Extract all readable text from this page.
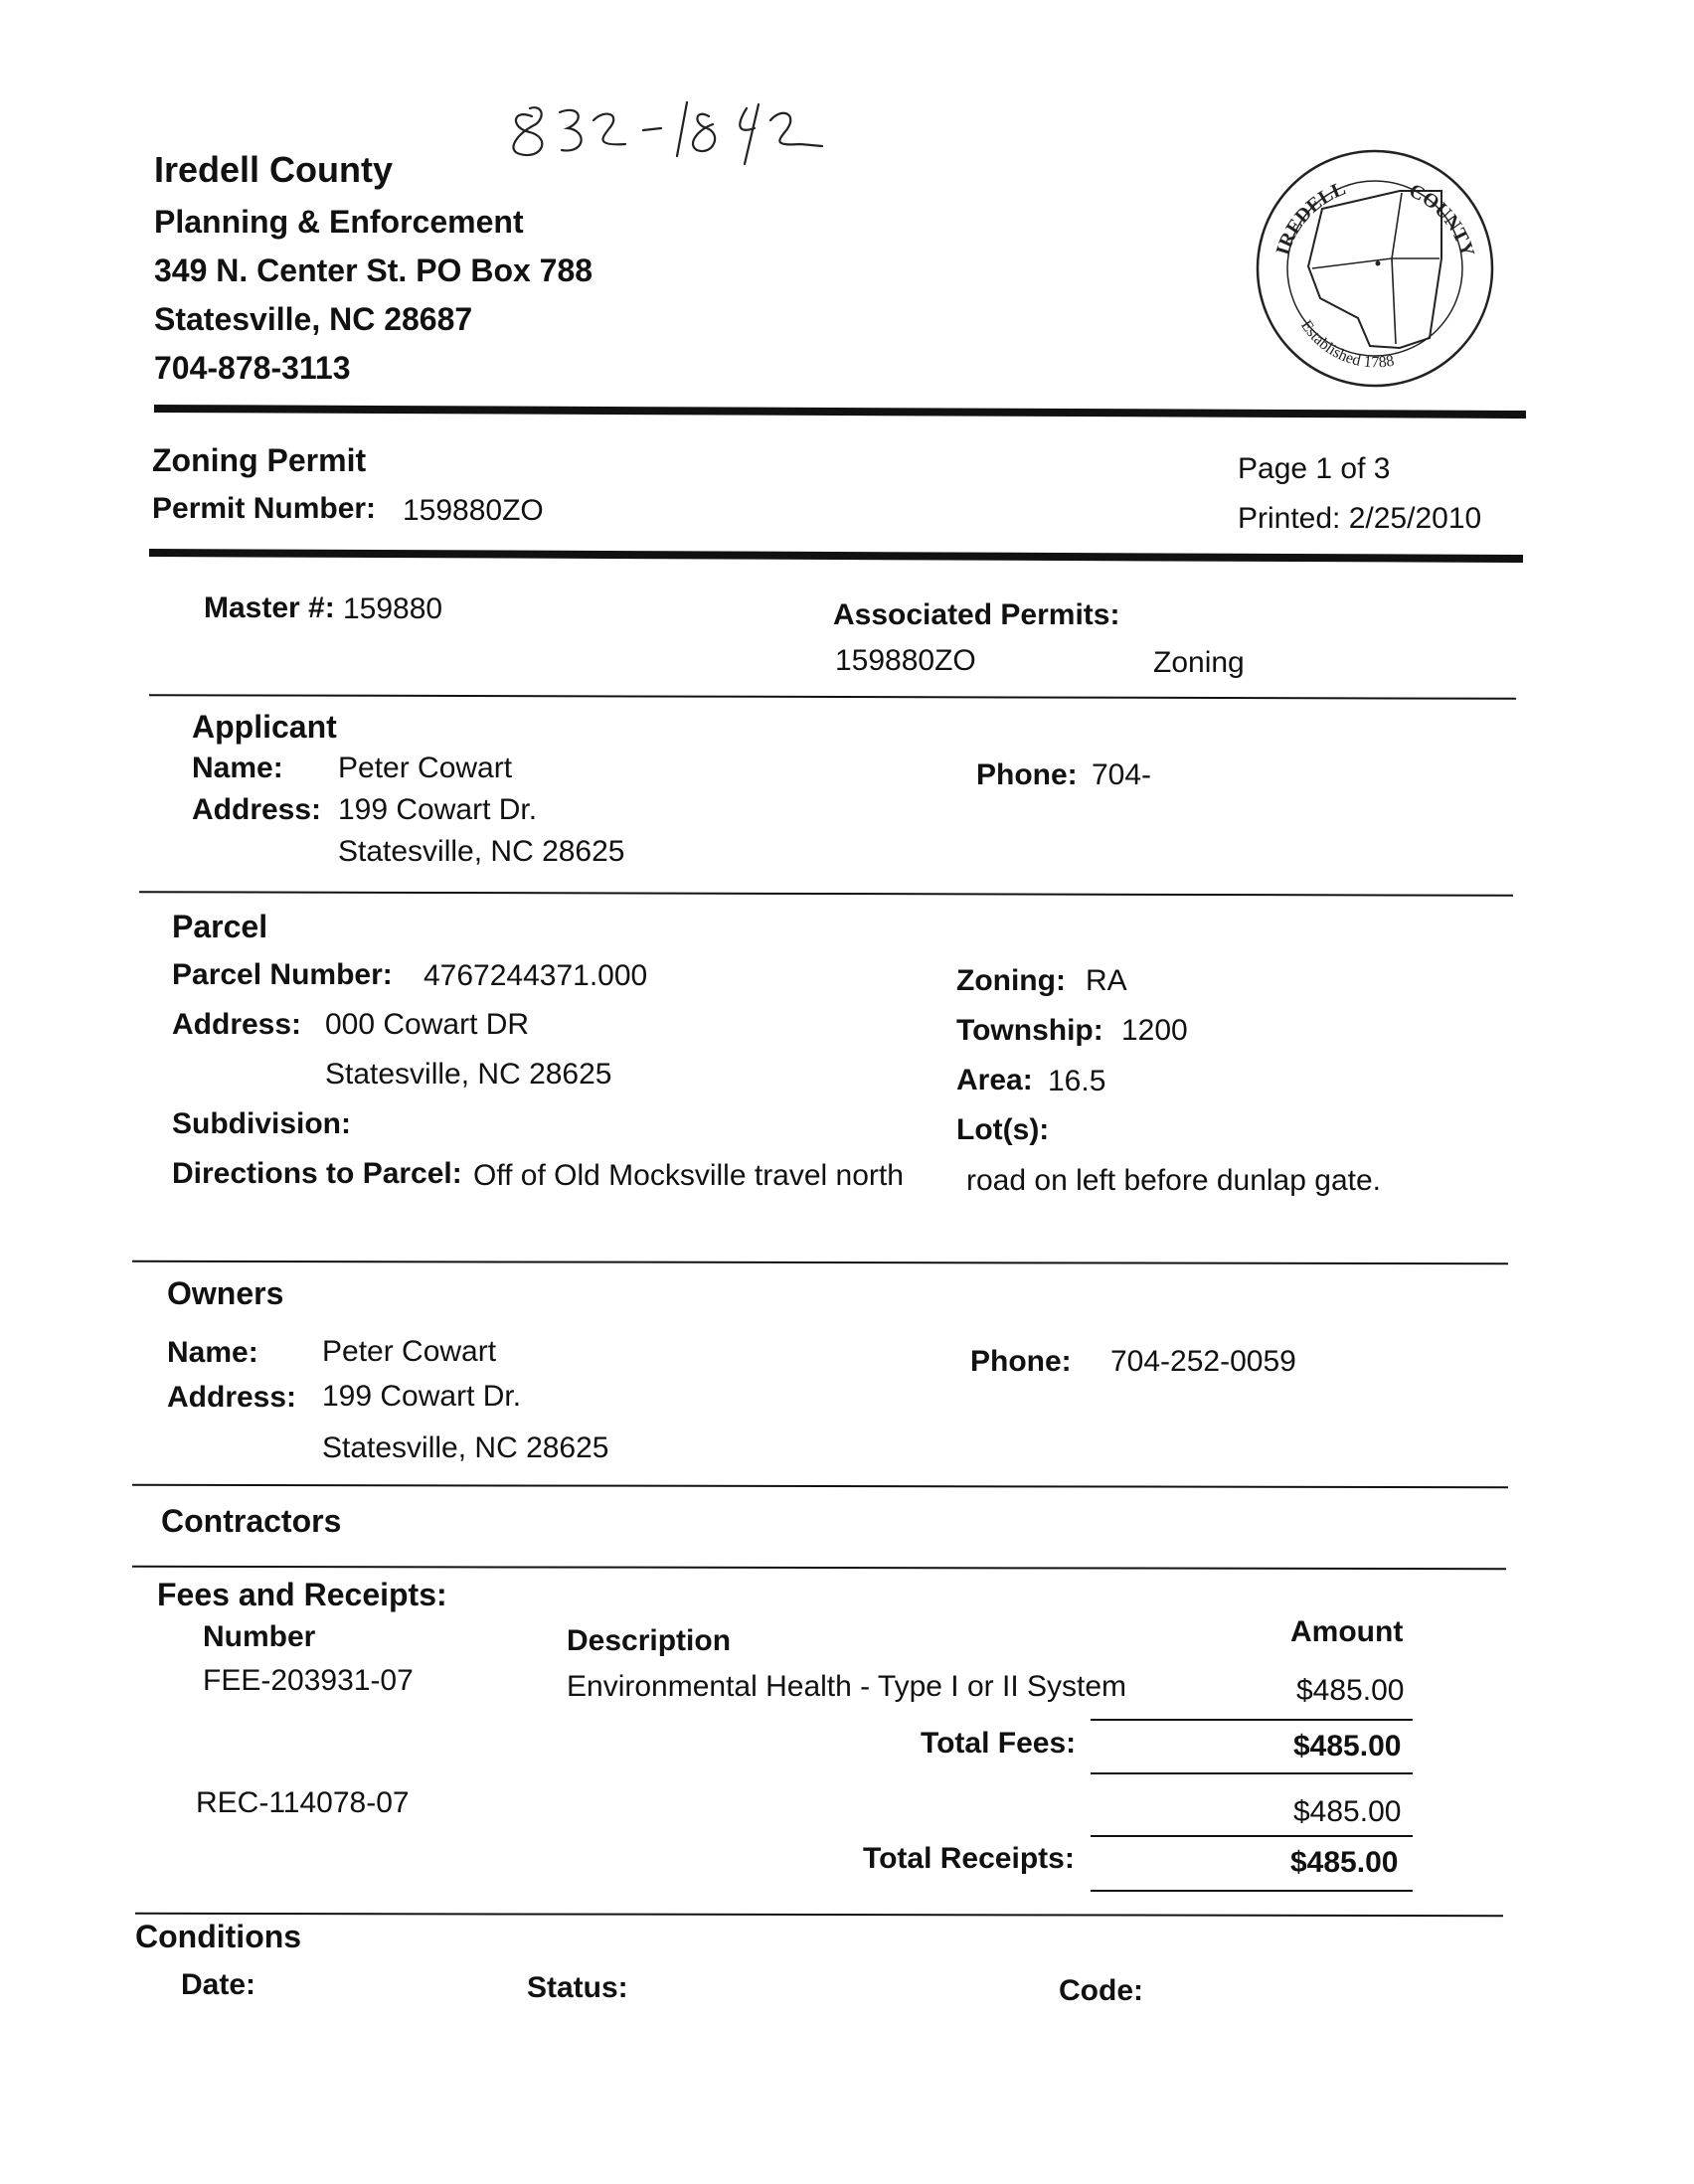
Iredell County
Planning & Enforcement
349 N. Center St. PO Box 788
Statesville, NC 28687
704-878-3113
IREDELL	COUNTY
Established 1788
Zoning Permit
Permit Number: 159880ZO
Page 1 of 3
Printed: 2/25/2010
Master #: 159880	Associated Permits:
159880ZO	Zoning
Applicant
Name: Peter Cowart
Address: 199 Cowart Dr.
Statesville, NC 28625
Phone: 704-
Parcel
Parcel Number: 4767244371.000
Address: 000 Cowart DR
Statesville, NC 28625
Subdivision:
Zoning: RA
Township: 1200
Area: 16.5
Lot(s):
Directions to Parcel: Off of Old Mocksville travel north road on left before dunlap gate.
Owners
Name: Peter Cowart
Address: 199 Cowart Dr.
Statesville, NC 28625
Phone: 704-252-0059
Contractors
Fees and Receipts:
Number	Description	Amount
FEE-203931-07	Environmental Health - Type I or II System	$485.00
Total Fees:	$485.00
REC-114078-07	$485.00
Total Receipts:	$485.00
Conditions
Date:	Status:	Code:
